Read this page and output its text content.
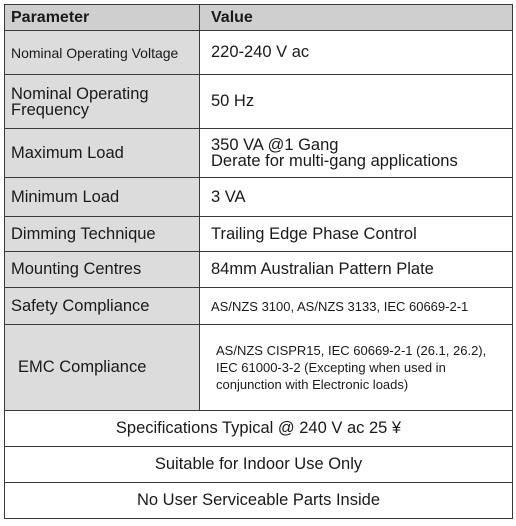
Parameter	Value
Nominal Operating Voltage	220-240 V ac

Nominal Operating
Frequency	50 Hz
Maximum Load	350 VA @1 Gang
Derate for multi-gang applications

Minimum Load	3 VA
Dimming Technique	Trailing Edge Phase Control
Mounting Centres	84mm Australian Pattern Plate
Safety Compliance	AS/NZS 3100, AS/NZS 3133, IEC 60669-2-1
EMC Compliance	AS/NZS CISPR15, IEC 60669-2-1 (26.1, 26.2),
IEC 61000-3-2 (Excepting when used in
conjunction with Electronic loads)

Specifications Typical @ 240 V ac 25 ¥	
Suitable for Indoor Use Only	
No User Serviceable Parts Inside	
